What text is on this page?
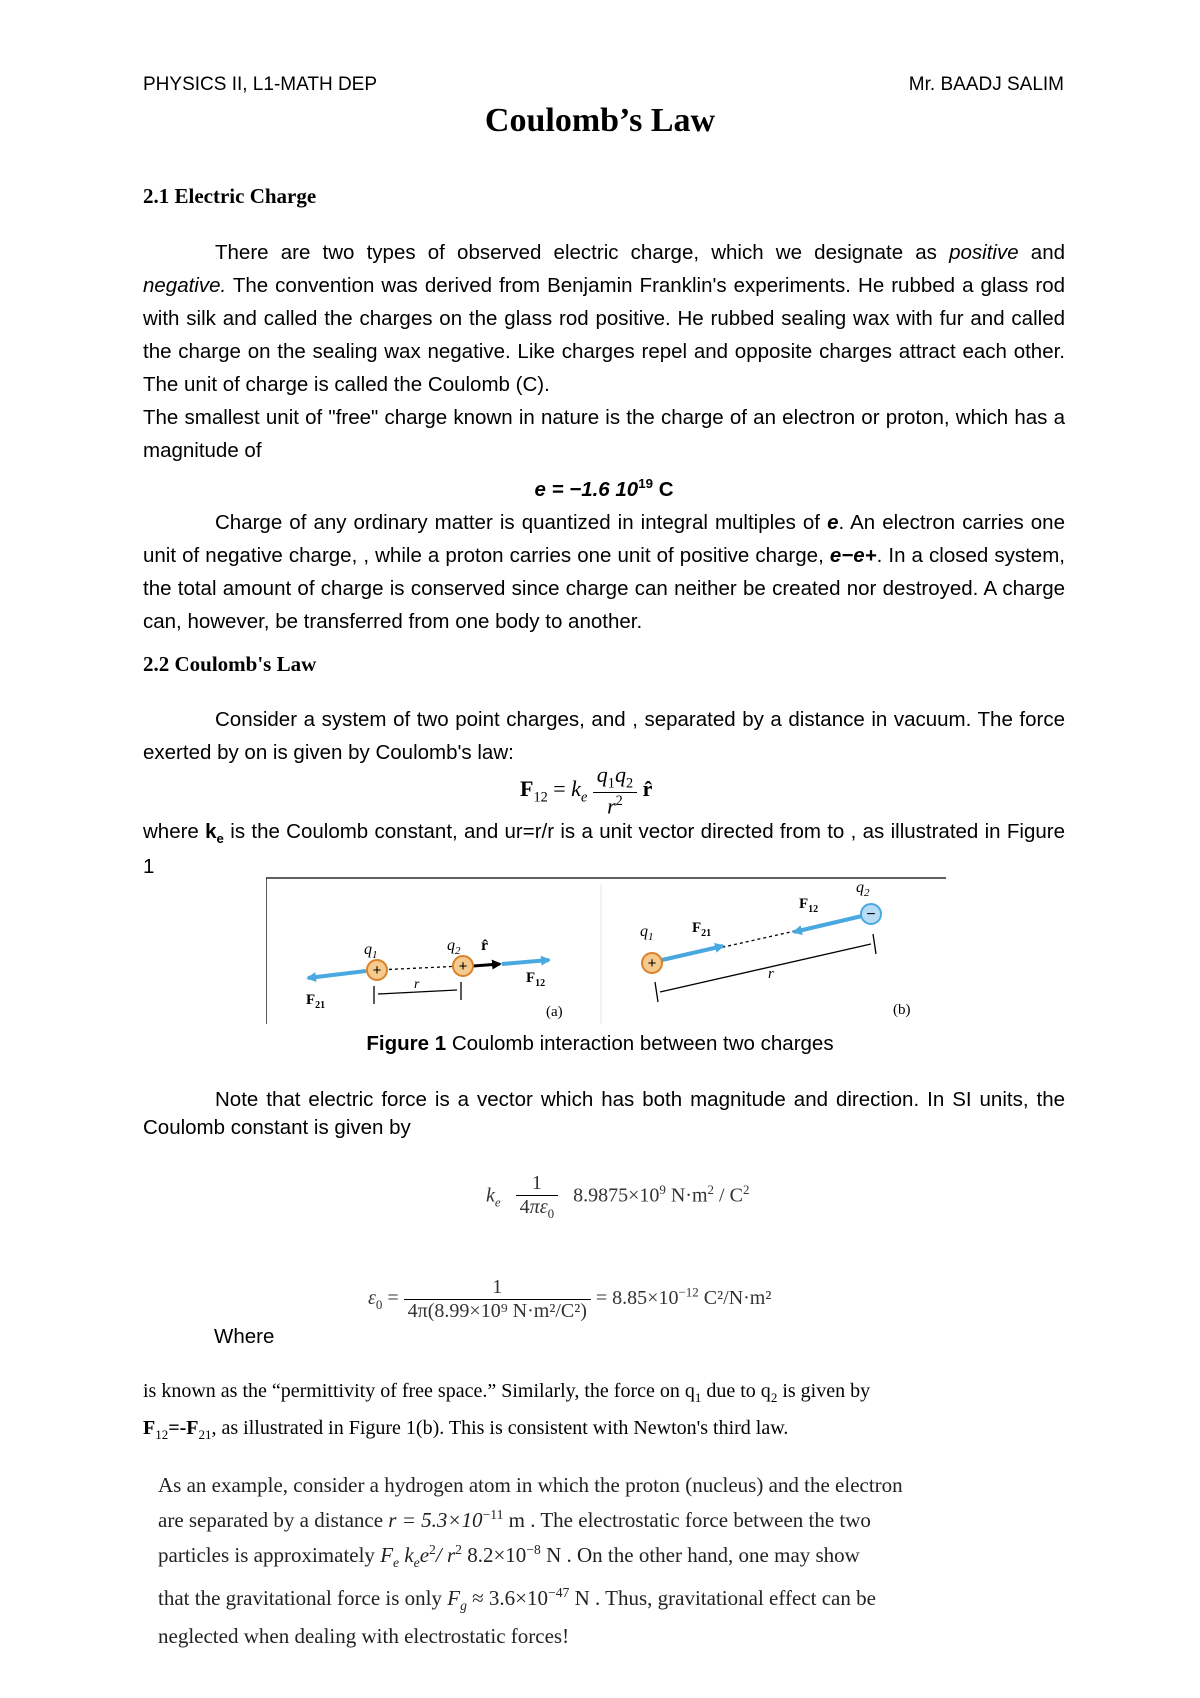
PHYSICS II, L1-MATH DEP	Mr. BAADJ SALIM
Coulomb’s Law
2.1 Electric Charge

There are two types of observed electric charge, which we designate as positive and negative. The convention was derived from Benjamin Franklin's experiments. He rubbed a glass rod with silk and called the charges on the glass rod positive. He rubbed sealing wax with fur and called the charge on the sealing wax negative. Like charges repel and opposite charges attract each other. The unit of charge is called the Coulomb (C).

The smallest unit of "free" charge known in nature is the charge of an electron or proton, which has a magnitude of

e = −1.6 $10^{19}$ C

Charge of any ordinary matter is quantized in integral multiples of e. An electron carries one unit of negative charge, , while a proton carries one unit of positive charge, e−e+. In a closed system, the total amount of charge is conserved since charge can neither be created nor destroyed. A charge can, however, be transferred from one body to another.

2.2 Coulomb's Law

Consider a system of two point charges, and , separated by a distance in vacuum. The force exerted by on is given by Coulomb's law:

$F_{12} = k_e \frac{q_1q_2}{r^2}$ r̂

where $k_e$ is the Coulomb constant, and ur=r/r is a unit vector directed from to , as illustrated in Figure 1

+	+
$q_1$
$q_2$ r̂
$F_{12}$
$F_{21}$
r
(a)
+
−
$q_1$
$q_2$
$F_{21}$
$F_{12}$
r
(b)
Figure 1 Coulomb interaction between two charges

Note that electric force is a vector which has both magnitude and direction. In SI units, the Coulomb constant is given by

$k_e \frac{1}{4\pi\varepsilon_0} 8.9875\times 10^9$ $N\cdot m^2 / C^2$
$\varepsilon_0 = \frac{1}{\text{4π(8.99×10⁹ N·m²/C²)}} = 8.85\times 10^{-12}$ C²/N·m²
Where

is known as the “permittivity of free space.” Similarly, the force on $q_1$ due to $q_2$ is given by
$F_{12}=-F_{21}$, as illustrated in Figure 1(b). This is consistent with Newton's third law.

As an example, consider a hydrogen atom in which the proton (nucleus) and the electron
are separated by a distance $r = 5.3\times 10^{-11}$ m . The electrostatic force between the two
particles is approximately $F_e$ $k_ee^2/$ $r^2$ $8.2\times 10^{-8}$ N . On the other hand, one may show
that the gravitational force is only $F_g \approx 3.6\times 10^{-47}$ N . Thus, gravitational effect can be
neglected when dealing with electrostatic forces!
